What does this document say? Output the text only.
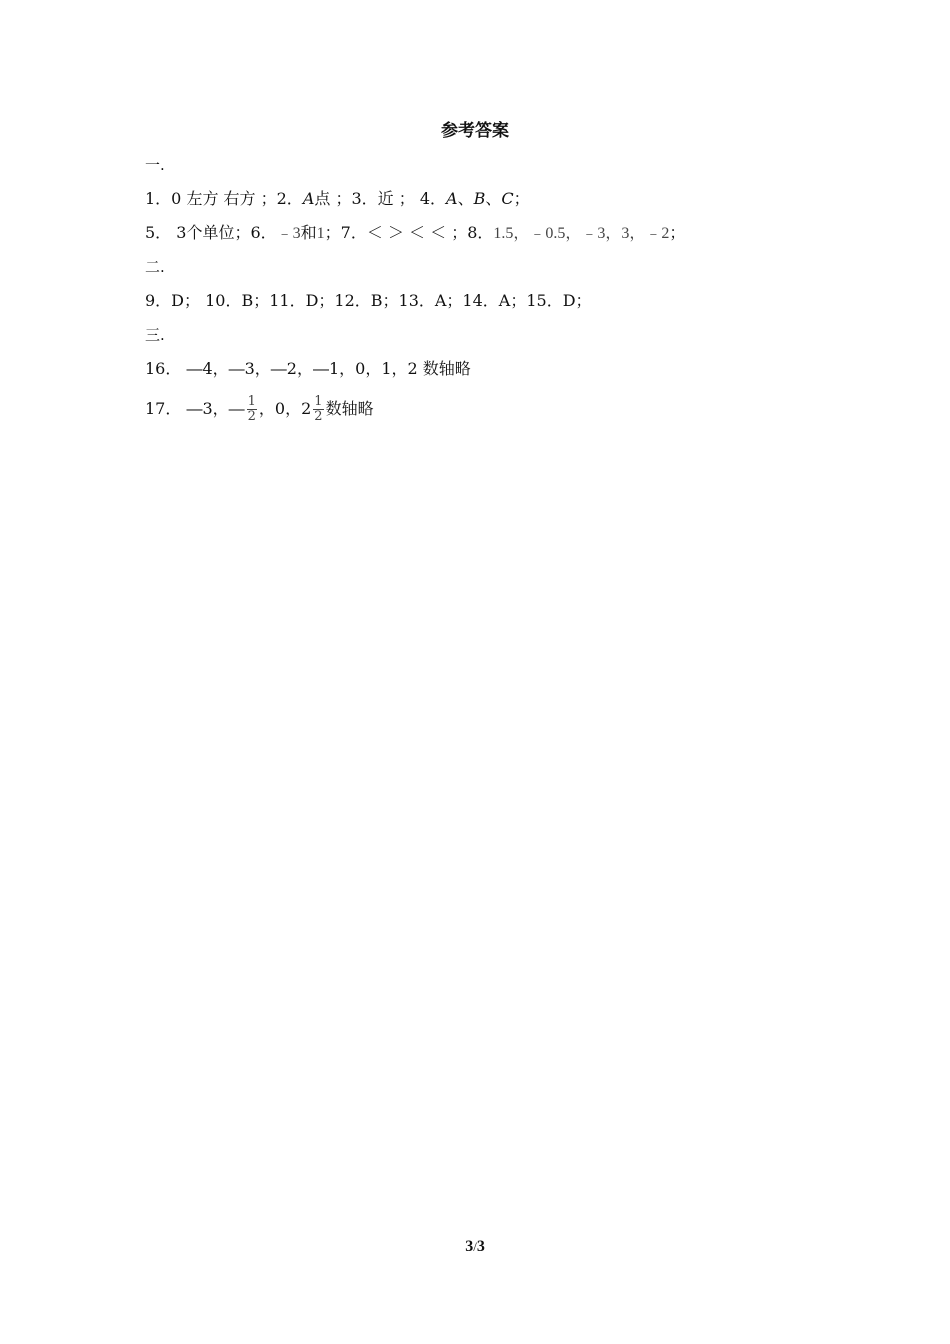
参考答案
一.
1．0 左方 右方 ；2．A点 ；3．近 ； 4．A、B、C；
5． 3个单位；6．﹣3和1；7．＜ ＞ ＜ ＜ ；8．1.5，﹣0.5，﹣3，3，﹣2；
二.
9．D； 10．B；11．D；12．B；13．A；14．A；15．D；
三.
16． ―4，―3，―2，―1，0，1，2 数轴略
17． ―3，― $\frac{1}{2}$ ，0，$2 \frac{1}{2}$ 数轴略
3/3
